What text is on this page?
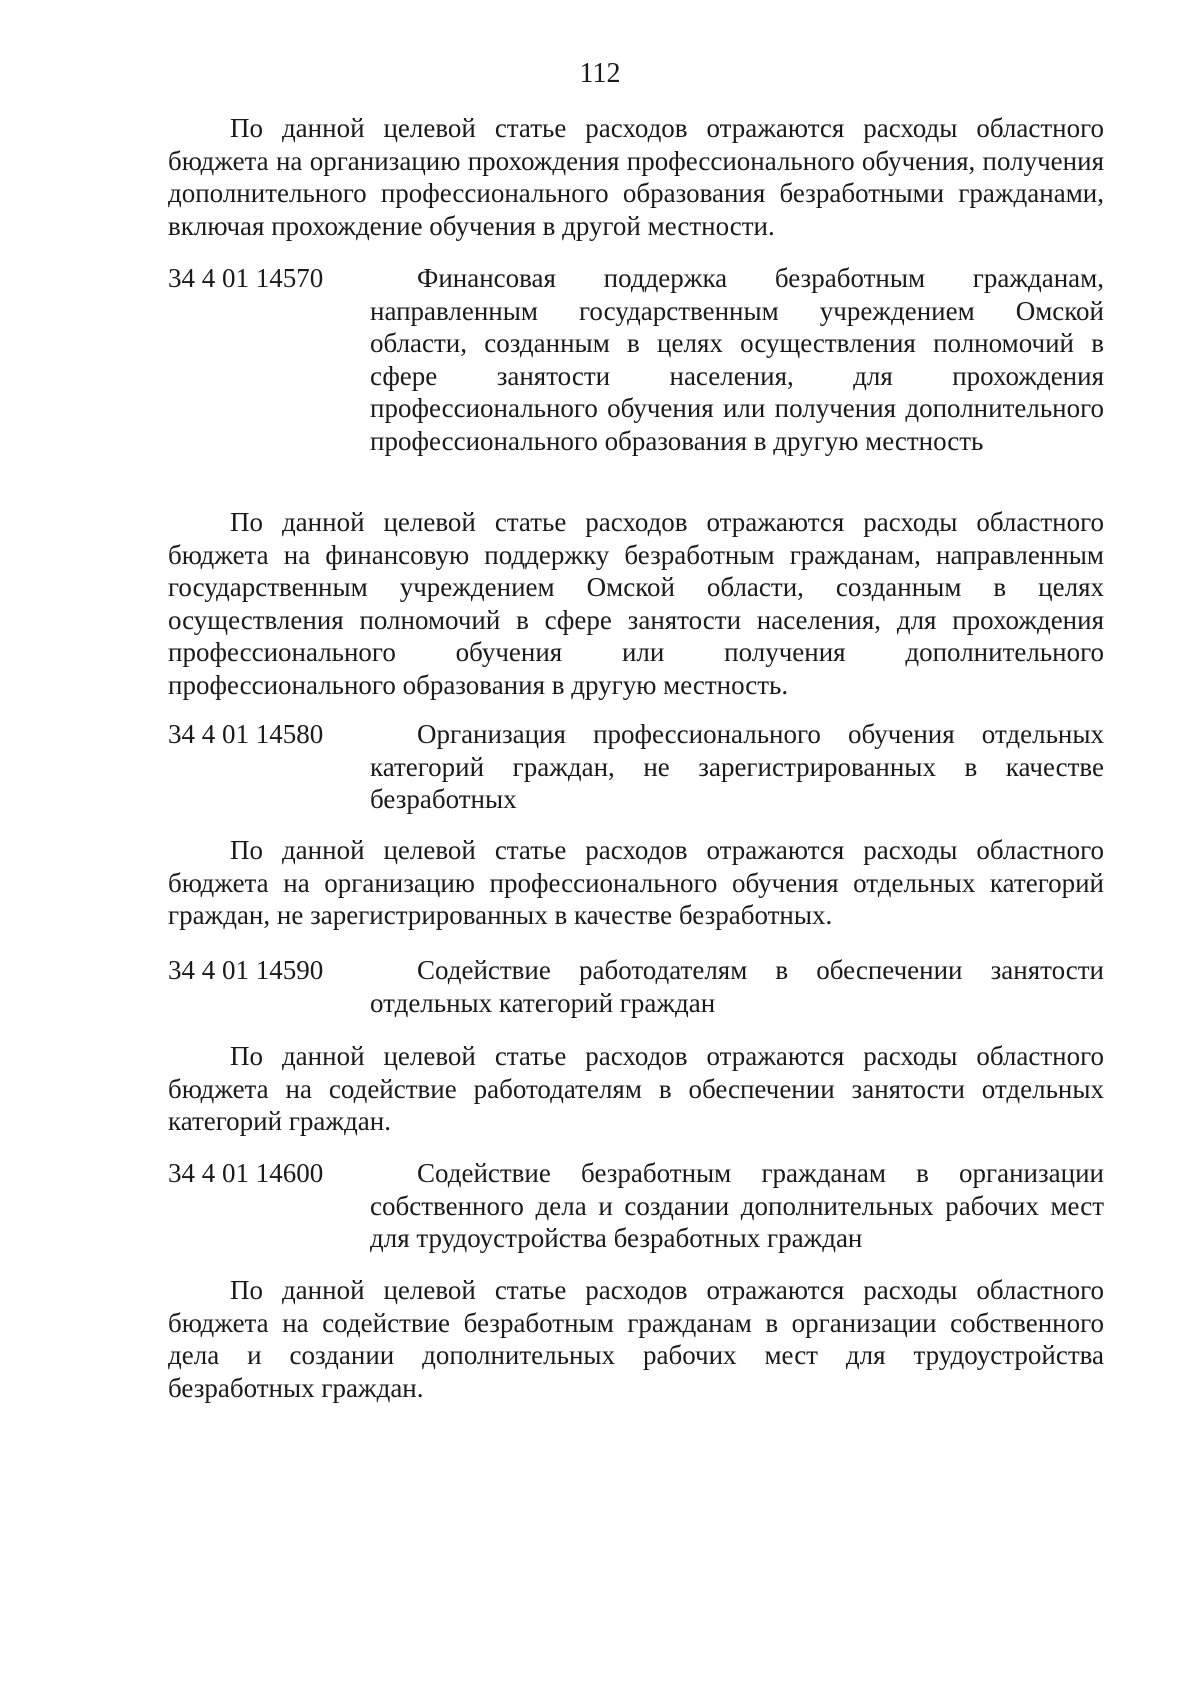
112
По данной целевой статье расходов отражаются расходы областного бюджета на организацию прохождения профессионального обучения, получения дополнительного профессионального образования безработными гражданами, включая прохождение обучения в другой местности.
34 4 01 14570	Финансовая поддержка безработным гражданам, направленным государственным учреждением Омской области, созданным в целях осуществления полномочий в сфере занятости населения, для прохождения профессионального обучения или получения дополнительного профессионального образования в другую местность
По данной целевой статье расходов отражаются расходы областного бюджета на финансовую поддержку безработным гражданам, направленным государственным учреждением Омской области, созданным в целях осуществления полномочий в сфере занятости населения, для прохождения профессионального обучения или получения дополнительного профессионального образования в другую местность.
34 4 01 14580	Организация профессионального обучения отдельных категорий граждан, не зарегистрированных в качестве безработных
По данной целевой статье расходов отражаются расходы областного бюджета на организацию профессионального обучения отдельных категорий граждан, не зарегистрированных в качестве безработных.
34 4 01 14590	Содействие работодателям в обеспечении занятости отдельных категорий граждан
По данной целевой статье расходов отражаются расходы областного бюджета на содействие работодателям в обеспечении занятости отдельных категорий граждан.
34 4 01 14600	Содействие безработным гражданам в организации собственного дела и создании дополнительных рабочих мест для трудоустройства безработных граждан
По данной целевой статье расходов отражаются расходы областного бюджета на содействие безработным гражданам в организации собственного дела и создании дополнительных рабочих мест для трудоустройства безработных граждан.
